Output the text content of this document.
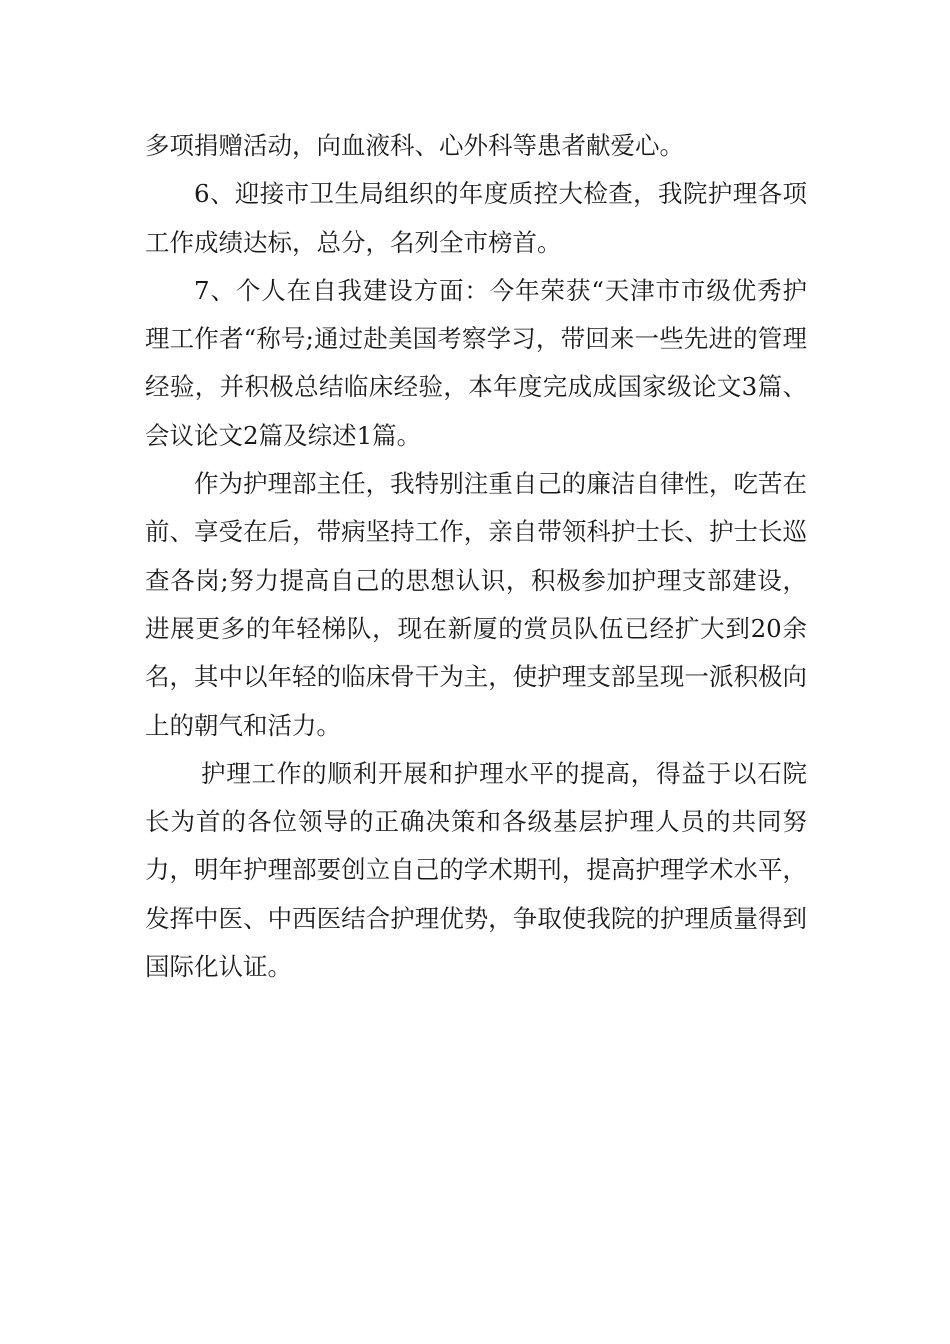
多项捐赠活动，向血液科、心外科等患者献爱心。

6、迎接市卫生局组织的年度质控大检查，我院护理各项工作成绩达标，总分，名列全市榜首。

7、个人在自我建设方面：今年荣获“天津市市级优秀护理工作者“称号;通过赴美国考察学习，带回来一些先进的管理经验，并积极总结临床经验，本年度完成成国家级论文3篇、会议论文2篇及综述1篇。

作为护理部主任，我特别注重自己的廉洁自律性，吃苦在前、享受在后，带病坚持工作，亲自带领科护士长、护士长巡查各岗;努力提高自己的思想认识，积极参加护理支部建设，进展更多的年轻梯队，现在新厦的赏员队伍已经扩大到20余名，其中以年轻的临床骨干为主，使护理支部呈现一派积极向上的朝气和活力。

护理工作的顺利开展和护理水平的提高，得益于以石院长为首的各位领导的正确决策和各级基层护理人员的共同努力，明年护理部要创立自己的学术期刊，提高护理学术水平，发挥中医、中西医结合护理优势，争取使我院的护理质量得到国际化认证。
